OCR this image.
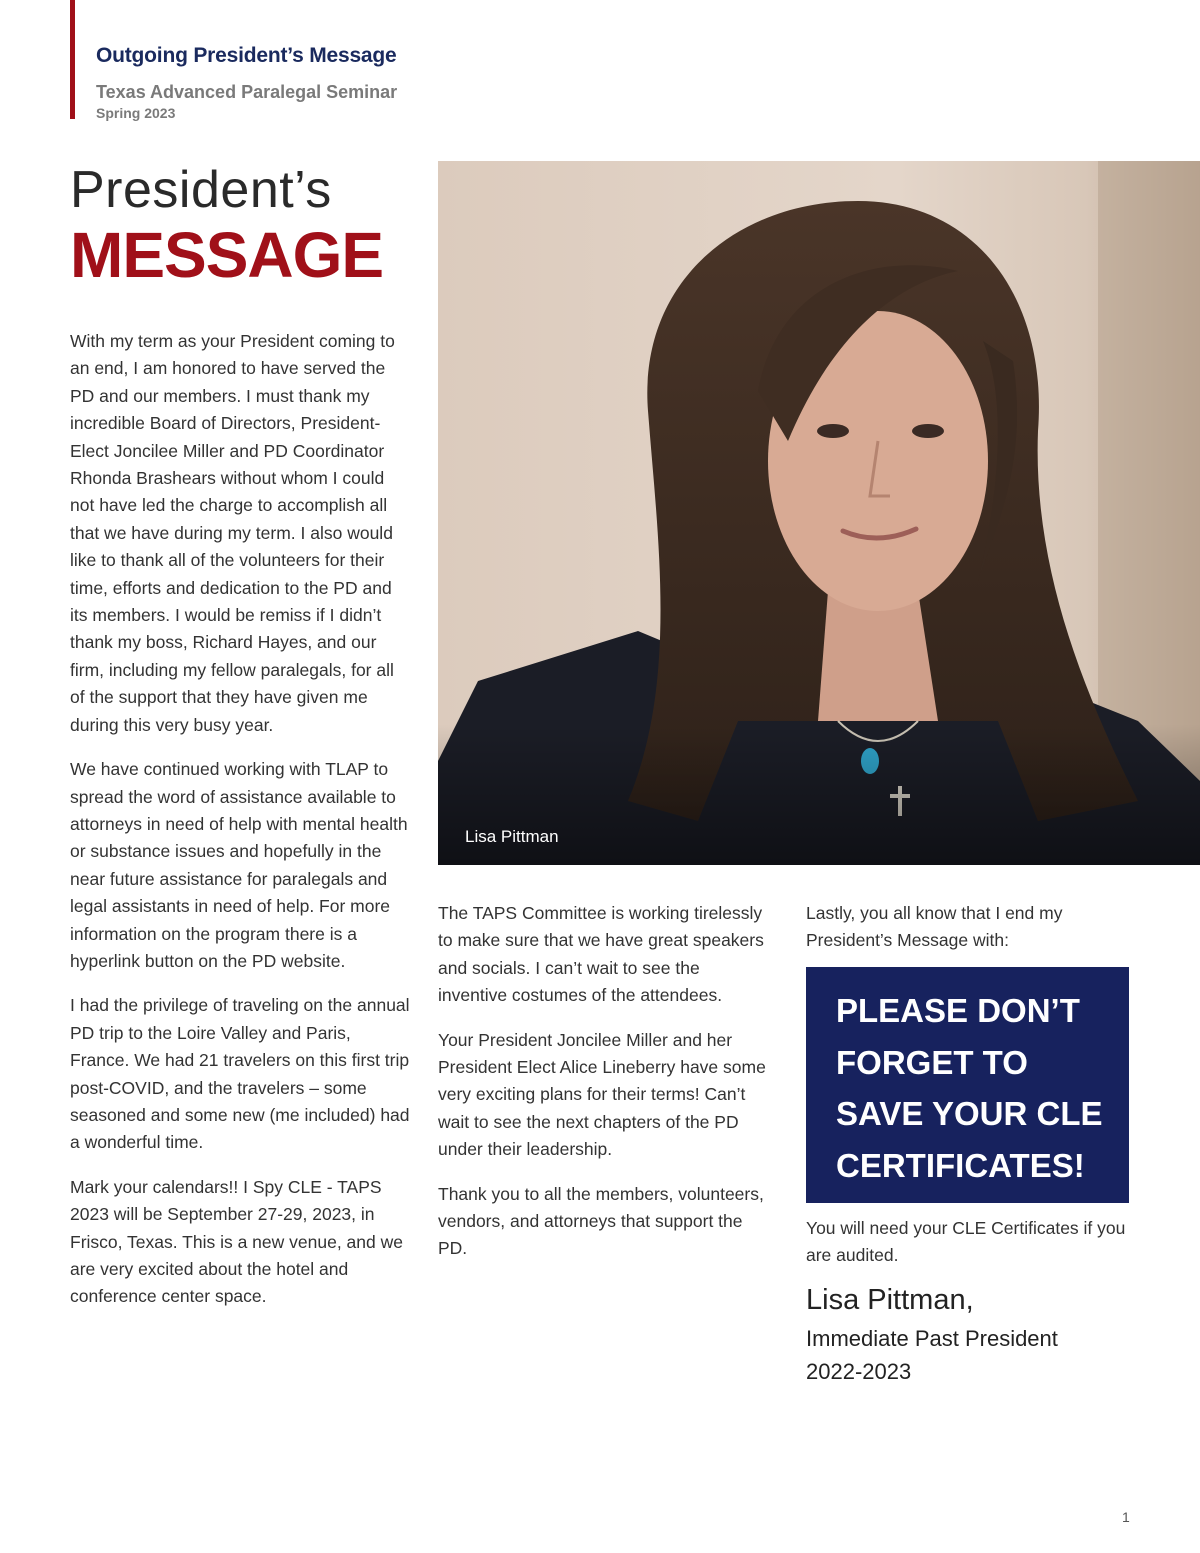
Outgoing President’s Message
Texas Advanced Paralegal Seminar
Spring 2023
President’s
MESSAGE

With my term as your President coming to an end, I am honored to have served the PD and our members. I must thank my incredible Board of Directors, President-Elect Joncilee Miller and PD Coordinator Rhonda Brashears without whom I could not have led the charge to accomplish all that we have during my term. I also would like to thank all of the volunteers for their time, efforts and dedication to the PD and its members. I would be remiss if I didn’t thank my boss, Richard Hayes, and our firm, including my fellow paralegals, for all of the support that they have given me during this very busy year.

We have continued working with TLAP to spread the word of assistance available to attorneys in need of help with mental health or substance issues and hopefully in the near future assistance for paralegals and legal assistants in need of help. For more information on the program there is a hyperlink button on the PD website.

I had the privilege of traveling on the annual PD trip to the Loire Valley and Paris, France. We had 21 travelers on this first trip post-COVID, and the travelers – some seasoned and some new (me included) had a wonderful time.

Mark your calendars!! I Spy CLE - TAPS 2023 will be September 27-29, 2023, in Frisco, Texas. This is a new venue, and we are very excited about the hotel and conference center space.

Lisa Pittman

The TAPS Committee is working tirelessly to make sure that we have great speakers and socials. I can’t wait to see the inventive costumes of the attendees.

Your President Joncilee Miller and her President Elect Alice Lineberry have some very exciting plans for their terms! Can’t wait to see the next chapters of the PD under their leadership.

Thank you to all the members, volunteers, vendors, and attorneys that support the PD.

Lastly, you all know that I end my President’s Message with:
PLEASE DON’T FORGET TO SAVE YOUR CLE CERTIFICATES!
You will need your CLE Certificates if you are audited.
Lisa Pittman,
Immediate Past President
2022-2023
1
